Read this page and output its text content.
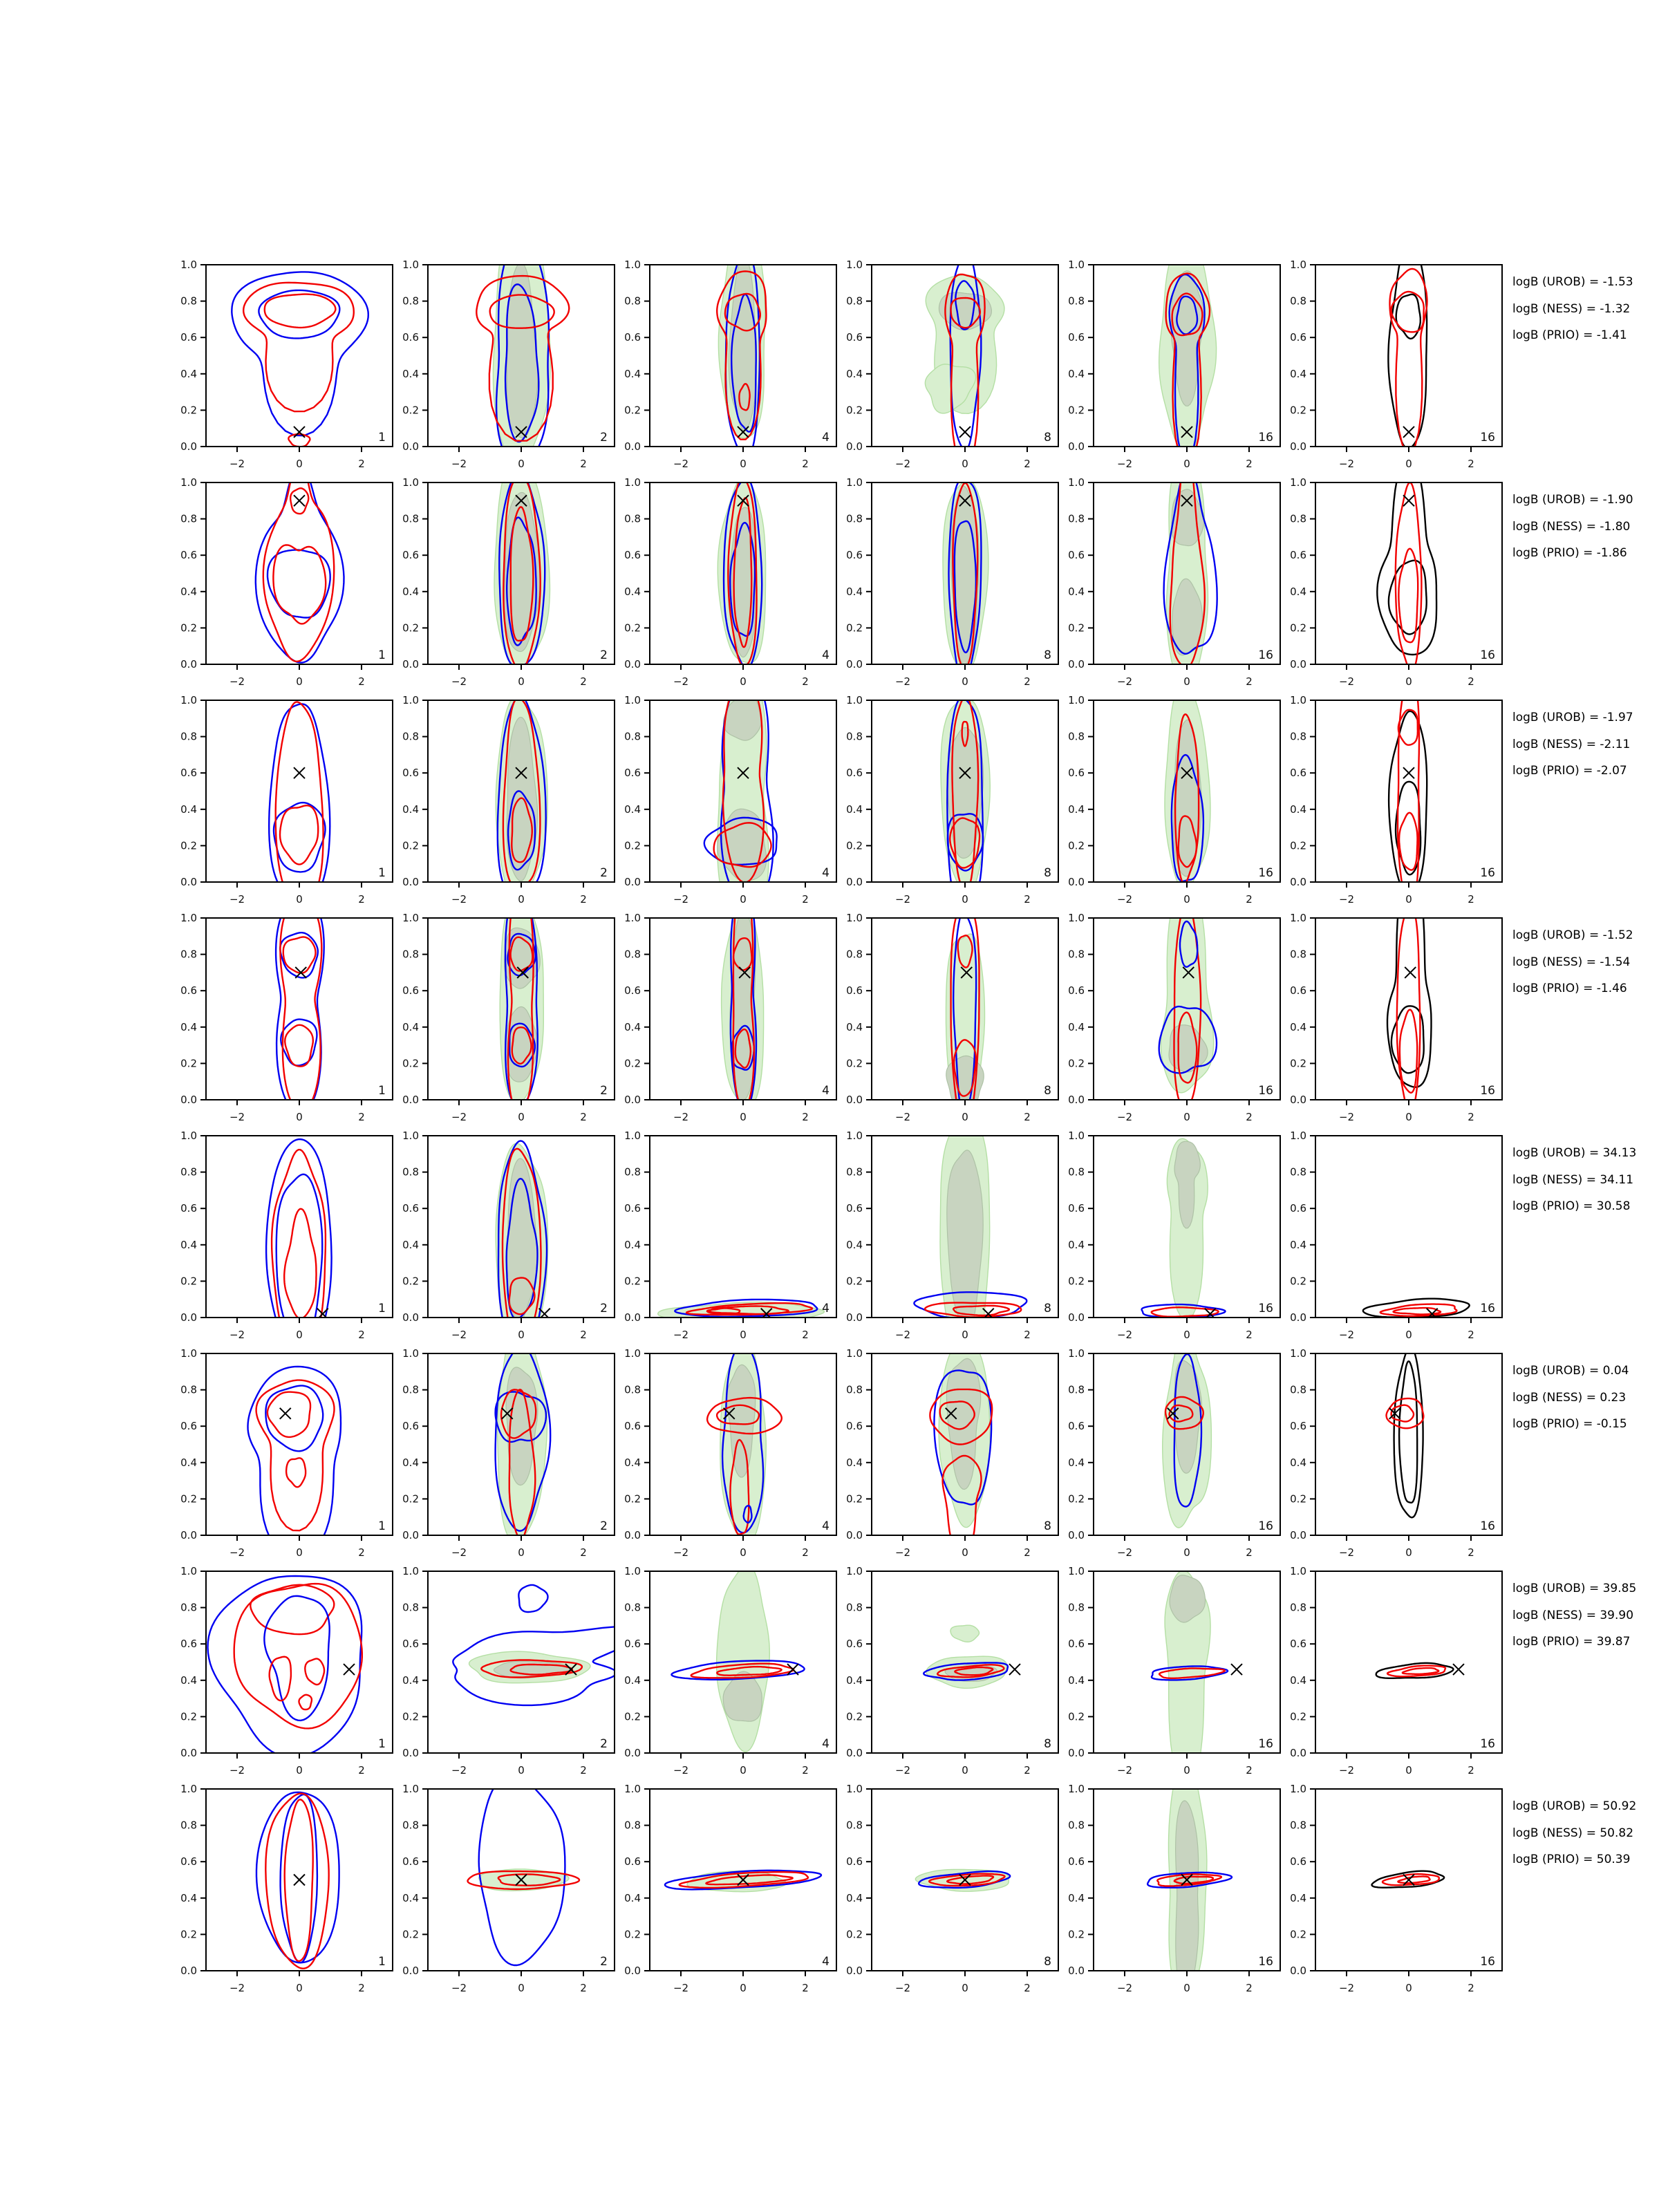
−2	0	2
0.0
0.2
0.4
0.6
0.8
1.0
1
−2	0	2
0.0
0.2
0.4
0.6
0.8
1.0
2
−2	0	2
0.0
0.2
0.4
0.6
0.8
1.0
4
−2	0	2
0.0
0.2
0.4
0.6
0.8
1.0
8
−2	0	2
0.0
0.2
0.4
0.6
0.8
1.0
16
−2	0	2
0.0
0.2
0.4
0.6
0.8
1.0
16
logB (UROB) = -1.53
logB (NESS) = -1.32
logB (PRIO) = -1.41
−2	0	2
0.0
0.2
0.4
0.6
0.8
1.0
1
−2	0	2
0.0
0.2
0.4
0.6
0.8
1.0
2
−2	0	2
0.0
0.2
0.4
0.6
0.8
1.0
4
−2	0	2
0.0
0.2
0.4
0.6
0.8
1.0
8
−2	0	2
0.0
0.2
0.4
0.6
0.8
1.0
16
−2	0	2
0.0
0.2
0.4
0.6
0.8
1.0
16
logB (UROB) = -1.90
logB (NESS) = -1.80
logB (PRIO) = -1.86
−2	0	2
0.0
0.2
0.4
0.6
0.8
1.0
1
−2	0	2
0.0
0.2
0.4
0.6
0.8
1.0
2
−2	0	2
0.0
0.2
0.4
0.6
0.8
1.0
4
−2	0	2
0.0
0.2
0.4
0.6
0.8
1.0
8
−2	0	2
0.0
0.2
0.4
0.6
0.8
1.0
16
−2	0	2
0.0
0.2
0.4
0.6
0.8
1.0
16
logB (UROB) = -1.97
logB (NESS) = -2.11
logB (PRIO) = -2.07
−2	0	2
0.0
0.2
0.4
0.6
0.8
1.0
1
−2	0	2
0.0
0.2
0.4
0.6
0.8
1.0
2
−2	0	2
0.0
0.2
0.4
0.6
0.8
1.0
4
−2	0	2
0.0
0.2
0.4
0.6
0.8
1.0
8
−2	0	2
0.0
0.2
0.4
0.6
0.8
1.0
16
−2	0	2
0.0
0.2
0.4
0.6
0.8
1.0
16
logB (UROB) = -1.52
logB (NESS) = -1.54
logB (PRIO) = -1.46
−2	0	2
0.0
0.2
0.4
0.6
0.8
1.0
1
−2	0	2
0.0
0.2
0.4
0.6
0.8
1.0
2
−2	0	2
0.0
0.2
0.4
0.6
0.8
1.0
4
−2	0	2
0.0
0.2
0.4
0.6
0.8
1.0
8
−2	0	2
0.0
0.2
0.4
0.6
0.8
1.0
16
−2	0	2
0.0
0.2
0.4
0.6
0.8
1.0
16
logB (UROB) = 34.13
logB (NESS) = 34.11
logB (PRIO) = 30.58
−2	0	2
0.0
0.2
0.4
0.6
0.8
1.0
1
−2	0	2
0.0
0.2
0.4
0.6
0.8
1.0
2
−2	0	2
0.0
0.2
0.4
0.6
0.8
1.0
4
−2	0	2
0.0
0.2
0.4
0.6
0.8
1.0
8
−2	0	2
0.0
0.2
0.4
0.6
0.8
1.0
16
−2	0	2
0.0
0.2
0.4
0.6
0.8
1.0
16
logB (UROB) = 0.04
logB (NESS) = 0.23
logB (PRIO) = -0.15
−2	0	2
0.0
0.2
0.4
0.6
0.8
1.0
1
−2	0	2
0.0
0.2
0.4
0.6
0.8
1.0
2
−2	0	2
0.0
0.2
0.4
0.6
0.8
1.0
4
−2	0	2
0.0
0.2
0.4
0.6
0.8
1.0
8
−2	0	2
0.0
0.2
0.4
0.6
0.8
1.0
16
−2	0	2
0.0
0.2
0.4
0.6
0.8
1.0
16
logB (UROB) = 39.85
logB (NESS) = 39.90
logB (PRIO) = 39.87
−2	0	2
0.0
0.2
0.4
0.6
0.8
1.0
1
−2	0	2
0.0
0.2
0.4
0.6
0.8
1.0
2
−2	0	2
0.0
0.2
0.4
0.6
0.8
1.0
4
−2	0	2
0.0
0.2
0.4
0.6
0.8
1.0
8
−2	0	2
0.0
0.2
0.4
0.6
0.8
1.0
16
−2	0	2
0.0
0.2
0.4
0.6
0.8
1.0
16
logB (UROB) = 50.92
logB (NESS) = 50.82
logB (PRIO) = 50.39
